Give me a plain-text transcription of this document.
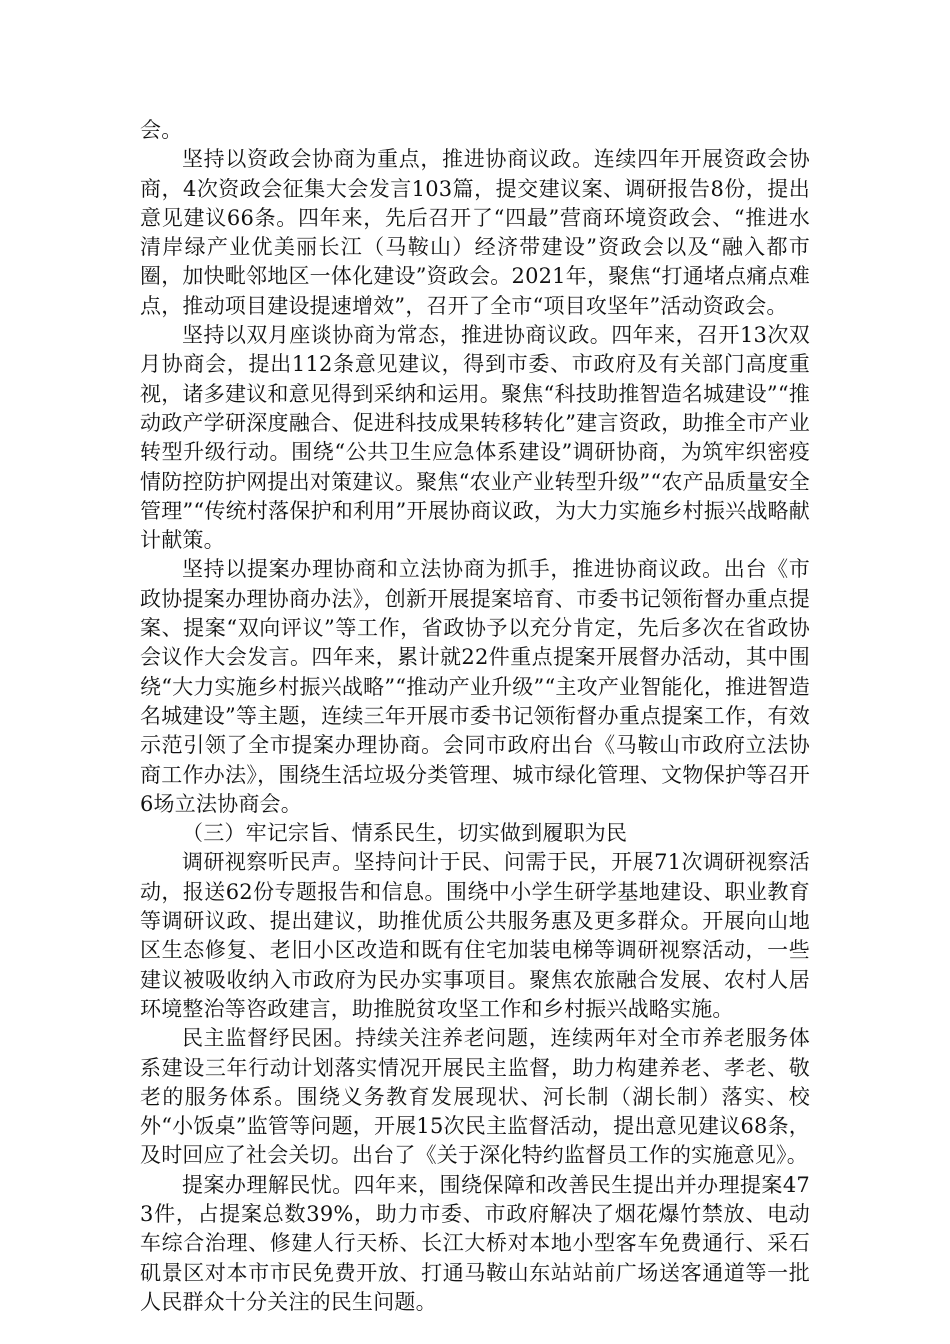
会。

坚持以资政会协商为重点，推进协商议政。连续四年开展资政会协商，4次资政会征集大会发言103篇，提交建议案、调研报告8份，提出意见建议66条。四年来，先后召开了“四最”营商环境资政会、“推进水清岸绿产业优美丽长江（马鞍山）经济带建设”资政会以及“融入都市圈，加快毗邻地区一体化建设”资政会。2021年，聚焦“打通堵点痛点难点，推动项目建设提速增效”，召开了全市“项目攻坚年”活动资政会。

坚持以双月座谈协商为常态，推进协商议政。四年来，召开13次双月协商会，提出112条意见建议，得到市委、市政府及有关部门高度重视，诸多建议和意见得到采纳和运用。聚焦“科技助推智造名城建设”“推动政产学研深度融合、促进科技成果转移转化”建言资政，助推全市产业转型升级行动。围绕“公共卫生应急体系建设”调研协商，为筑牢织密疫情防控防护网提出对策建议。聚焦“农业产业转型升级”“农产品质量安全管理”“传统村落保护和利用”开展协商议政，为大力实施乡村振兴战略献计献策。

坚持以提案办理协商和立法协商为抓手，推进协商议政。出台《市政协提案办理协商办法》，创新开展提案培育、市委书记领衔督办重点提案、提案“双向评议”等工作，省政协予以充分肯定，先后多次在省政协会议作大会发言。四年来，累计就22件重点提案开展督办活动，其中围绕“大力实施乡村振兴战略”“推动产业升级”“主攻产业智能化，推进智造名城建设”等主题，连续三年开展市委书记领衔督办重点提案工作，有效示范引领了全市提案办理协商。会同市政府出台《马鞍山市政府立法协商工作办法》，围绕生活垃圾分类管理、城市绿化管理、文物保护等召开6场立法协商会。

（三）牢记宗旨、情系民生，切实做到履职为民

调研视察听民声。坚持问计于民、问需于民，开展71次调研视察活动，报送62份专题报告和信息。围绕中小学生研学基地建设、职业教育等调研议政、提出建议，助推优质公共服务惠及更多群众。开展向山地区生态修复、老旧小区改造和既有住宅加装电梯等调研视察活动，一些建议被吸收纳入市政府为民办实事项目。聚焦农旅融合发展、农村人居环境整治等咨政建言，助推脱贫攻坚工作和乡村振兴战略实施。

民主监督纾民困。持续关注养老问题，连续两年对全市养老服务体系建设三年行动计划落实情况开展民主监督，助力构建养老、孝老、敬老的服务体系。围绕义务教育发展现状、河长制（湖长制）落实、校外“小饭桌”监管等问题，开展15次民主监督活动，提出意见建议68条，及时回应了社会关切。出台了《关于深化特约监督员工作的实施意见》。

提案办理解民忧。四年来，围绕保障和改善民生提出并办理提案473件，占提案总数39%，助力市委、市政府解决了烟花爆竹禁放、电动车综合治理、修建人行天桥、长江大桥对本地小型客车免费通行、采石矶景区对本市市民免费开放、打通马鞍山东站站前广场送客通道等一批人民群众十分关注的民生问题。
